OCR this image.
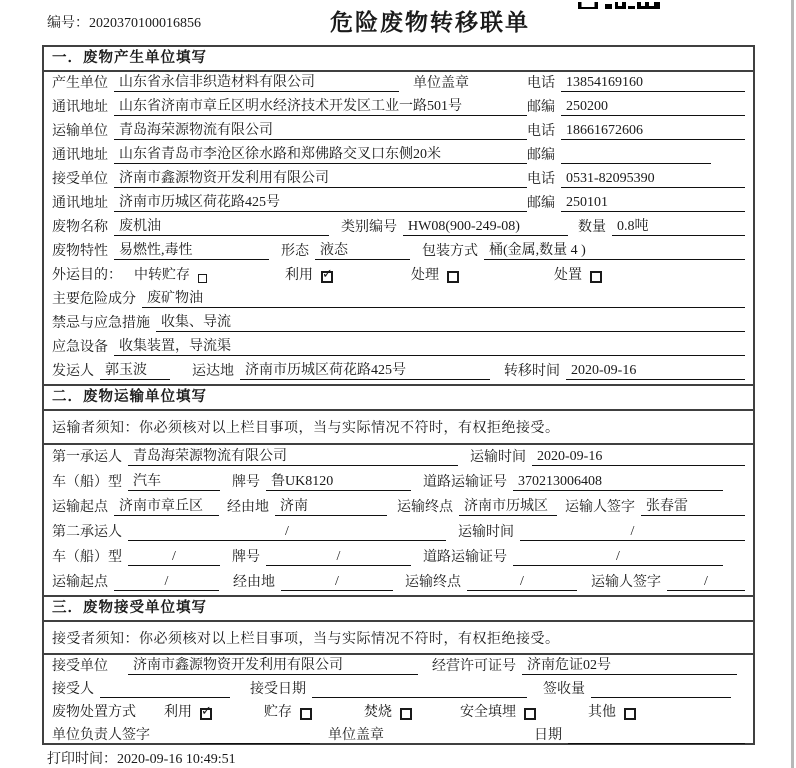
编号：2020370100016856	危险废物转移联单
一．废物产生单位填写
产生单位 山东省永信非织造材料有限公司	单位盖章	电话 13854169160
通讯地址 山东省济南市章丘区明水经济技术开发区工业一路501号	邮编 250200
运输单位 青岛海荣源物流有限公司	电话 18661672606
通讯地址 山东省青岛市李沧区徐水路和郑佛路交叉口东侧20米	邮编
接受单位 济南市鑫源物资开发利用有限公司	电话 0531-82095390
通讯地址 济南市历城区荷花路425号	邮编 250101
废物名称 废机油	类别编号 HW08(900-249-08)	数量 0.8吨
废物特性 易燃性,毒性	形态 液态	包装方式 桶(金属,数量 4 )
外运目的： 中转贮存	利用 ✓	处理	处置
主要危险成分 废矿物油
禁忌与应急措施 收集、导流
应急设备 收集装置，导流渠
发运人 郭玉波	运达地 济南市历城区荷花路425号	转移时间 2020-09-16
二．废物运输单位填写
运输者须知：你必须核对以上栏目事项，当与实际情况不符时，有权拒绝接受。
第一承运人 青岛海荣源物流有限公司	运输时间 2020-09-16
车（船）型 汽车	牌号 鲁UK8120	道路运输证号 370213006408
运输起点 济南市章丘区	经由地 济南	运输终点 济南市历城区	运输人签字 张春雷
第二承运人	/	运输时间	/
车（船）型	/	牌号	/	道路运输证号	/
运输起点	/	经由地	/	运输终点	/	运输人签字	/
三．废物接受单位填写
接受者须知：你必须核对以上栏目事项，当与实际情况不符时，有权拒绝接受。
接受单位	济南市鑫源物资开发利用有限公司	经营许可证号 济南危证02号
接受人	接受日期	签收量
废物处置方式 利用 ✓	贮存	焚烧	安全填埋	其他
单位负责人签字	单位盖章	日期
打印时间：2020-09-16 10:49:51
